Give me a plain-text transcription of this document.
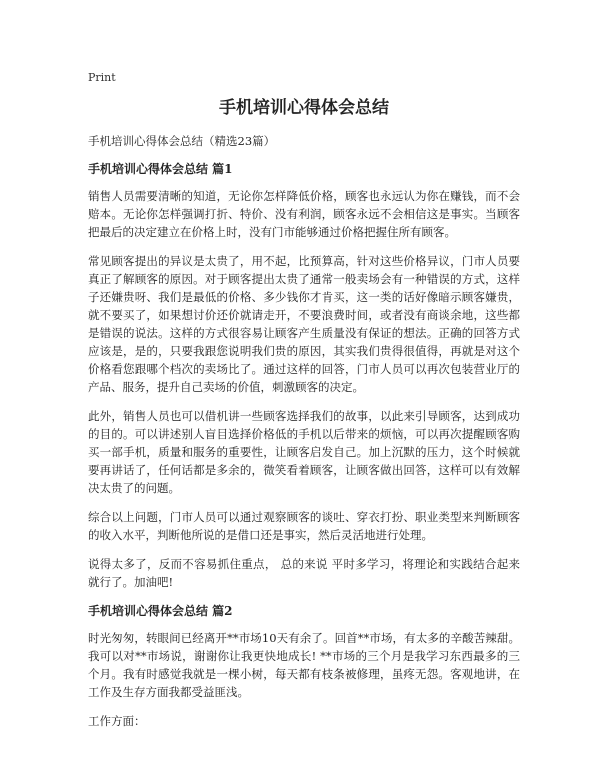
Print
手机培训心得体会总结
手机培训心得体会总结（精选23篇）
手机培训心得体会总结 篇1

销售人员需要清晰的知道，无论你怎样降低价格，顾客也永远认为你在赚钱，而不会赔本。无论你怎样强调打折、特价、没有利润，顾客永远不会相信这是事实。当顾客把最后的决定建立在价格上时，没有门市能够通过价格把握住所有顾客。

常见顾客提出的异议是太贵了，用不起，比预算高，针对这些价格异议，门市人员要真正了解顾客的原因。对于顾客提出太贵了通常一般卖场会有一种错误的方式，这样子还嫌贵呀、我们是最低的价格、多少钱你才肯买，这一类的话好像暗示顾客嫌贵，就不要买了，如果想讨价还价就请走开，不要浪费时间，或者没有商谈余地，这些都是错误的说法。这样的方式很容易让顾客产生质量没有保证的想法。正确的回答方式应该是，是的，只要我跟您说明我们贵的原因，其实我们贵得很值得，再就是对这个价格看您跟哪个档次的卖场比了。通过这样的回答，门市人员可以再次包装营业厅的产品、服务，提升自己卖场的价值，刺激顾客的决定。

此外，销售人员也可以借机讲一些顾客选择我们的故事，以此来引导顾客，达到成功的目的。可以讲述别人盲目选择价格低的手机以后带来的烦恼，可以再次提醒顾客购买一部手机，质量和服务的重要性，让顾客启发自己。加上沉默的压力，这个时候就要再讲话了，任何话都是多余的，微笑看着顾客，让顾客做出回答，这样可以有效解决太贵了的问题。

综合以上问题，门市人员可以通过观察顾客的谈吐、穿衣打扮、职业类型来判断顾客的收入水平，判断他所说的是借口还是事实，然后灵活地进行处理。

说得太多了，反而不容易抓住重点， 总的来说 平时多学习，将理论和实践结合起来就行了。加油吧!

手机培训心得体会总结 篇2

时光匆匆，转眼间已经离开**市场10天有余了。回首**市场，有太多的辛酸苦辣甜。我可以对**市场说，谢谢你让我更快地成长! **市场的三个月是我学习东西最多的三个月。我有时感觉我就是一棵小树，每天都有枝条被修理，虽疼无怨。客观地讲，在工作及生存方面我都受益匪浅。

工作方面：
